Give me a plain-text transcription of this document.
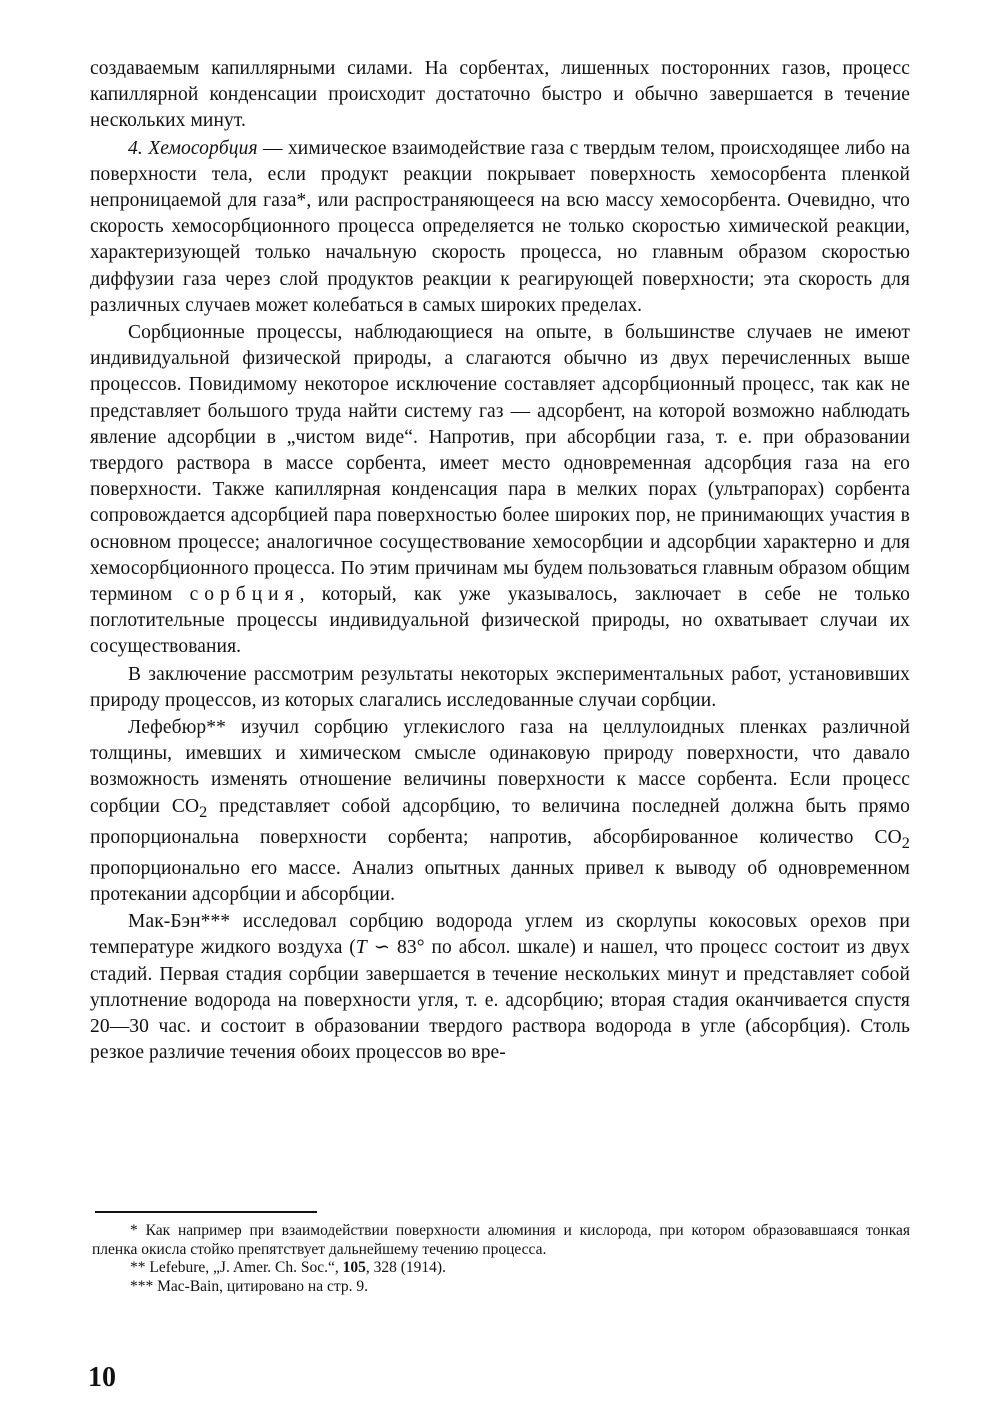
создаваемым капиллярными силами. На сорбентах, лишенных посторонних газов, процесс капиллярной конденсации происходит достаточно быстро и обычно завершается в течение нескольких минут.

4. Хемосорбция — химическое взаимодействие газа с твердым телом, происходящее либо на поверхности тела, если продукт реакции покрывает поверхность хемосорбента пленкой непроницаемой для газа*, или распространяющееся на всю массу хемосорбента. Очевидно, что скорость хемосорбционного процесса определяется не только скоростью химической реакции, характеризующей только начальную скорость процесса, но главным образом скоростью диффузии газа через слой продуктов реакции к реагирующей поверхности; эта скорость для различных случаев может колебаться в самых широких пределах.

Сорбционные процессы, наблюдающиеся на опыте, в большинстве случаев не имеют индивидуальной физической природы, а слагаются обычно из двух перечисленных выше процессов. Повидимому некоторое исключение составляет адсорбционный процесс, так как не представляет большого труда найти систему газ — адсорбент, на которой возможно наблюдать явление адсорбции в „чистом виде“. Напротив, при абсорбции газа, т. е. при образовании твердого раствора в массе сорбента, имеет место одновременная адсорбция газа на его поверхности. Также капиллярная конденсация пара в мелких порах (ультрапорах) сорбента сопровождается адсорбцией пара поверхностью более широких пор, не принимающих участия в основном процессе; аналогичное сосуществование хемосорбции и адсорбции характерно и для хемосорбционного процесса. По этим причинам мы будем пользоваться главным образом общим термином сорбция, который, как уже указывалось, заключает в себе не только поглотительные процессы индивидуальной физической природы, но охватывает случаи их сосуществования.

В заключение рассмотрим результаты некоторых экспериментальных работ, установивших природу процессов, из которых слагались исследованные случаи сорбции.

Лефебюр** изучил сорбцию углекислого газа на целлулоидных пленках различной толщины, имевших и химическом смысле одинаковую природу поверхности, что давало возможность изменять отношение величины поверхности к массе сорбента. Если процесс сорбции $CO_2$ представляет собой адсорбцию, то величина последней должна быть прямо пропорциональна поверхности сорбента; напротив, абсорбированное количество $CO_2$ пропорционально его массе. Анализ опытных данных привел к выводу об одновременном протекании адсорбции и абсорбции.

Мак-Бэн*** исследовал сорбцию водорода углем из скорлупы кокосовых орехов при температуре жидкого воздуха (T ∽ 83° по абсол. шкале) и нашел, что процесс состоит из двух стадий. Первая стадия сорбции завершается в течение нескольких минут и представляет собой уплотнение водорода на поверхности угля, т. е. адсорбцию; вторая стадия оканчивается спустя 20—30 час. и состоит в образовании твердого раствора водорода в угле (абсорбция). Столь резкое различие течения обоих процессов во вре-

* Как например при взаимодействии поверхности алюминия и кислорода, при котором образовавшаяся тонкая пленка окисла стойко препятствует дальнейшему течению процесса.

** Lefebure, „J. Amer. Ch. Soc.“, 105, 328 (1914).

*** Mac-Bain, цитировано на стр. 9.

10
